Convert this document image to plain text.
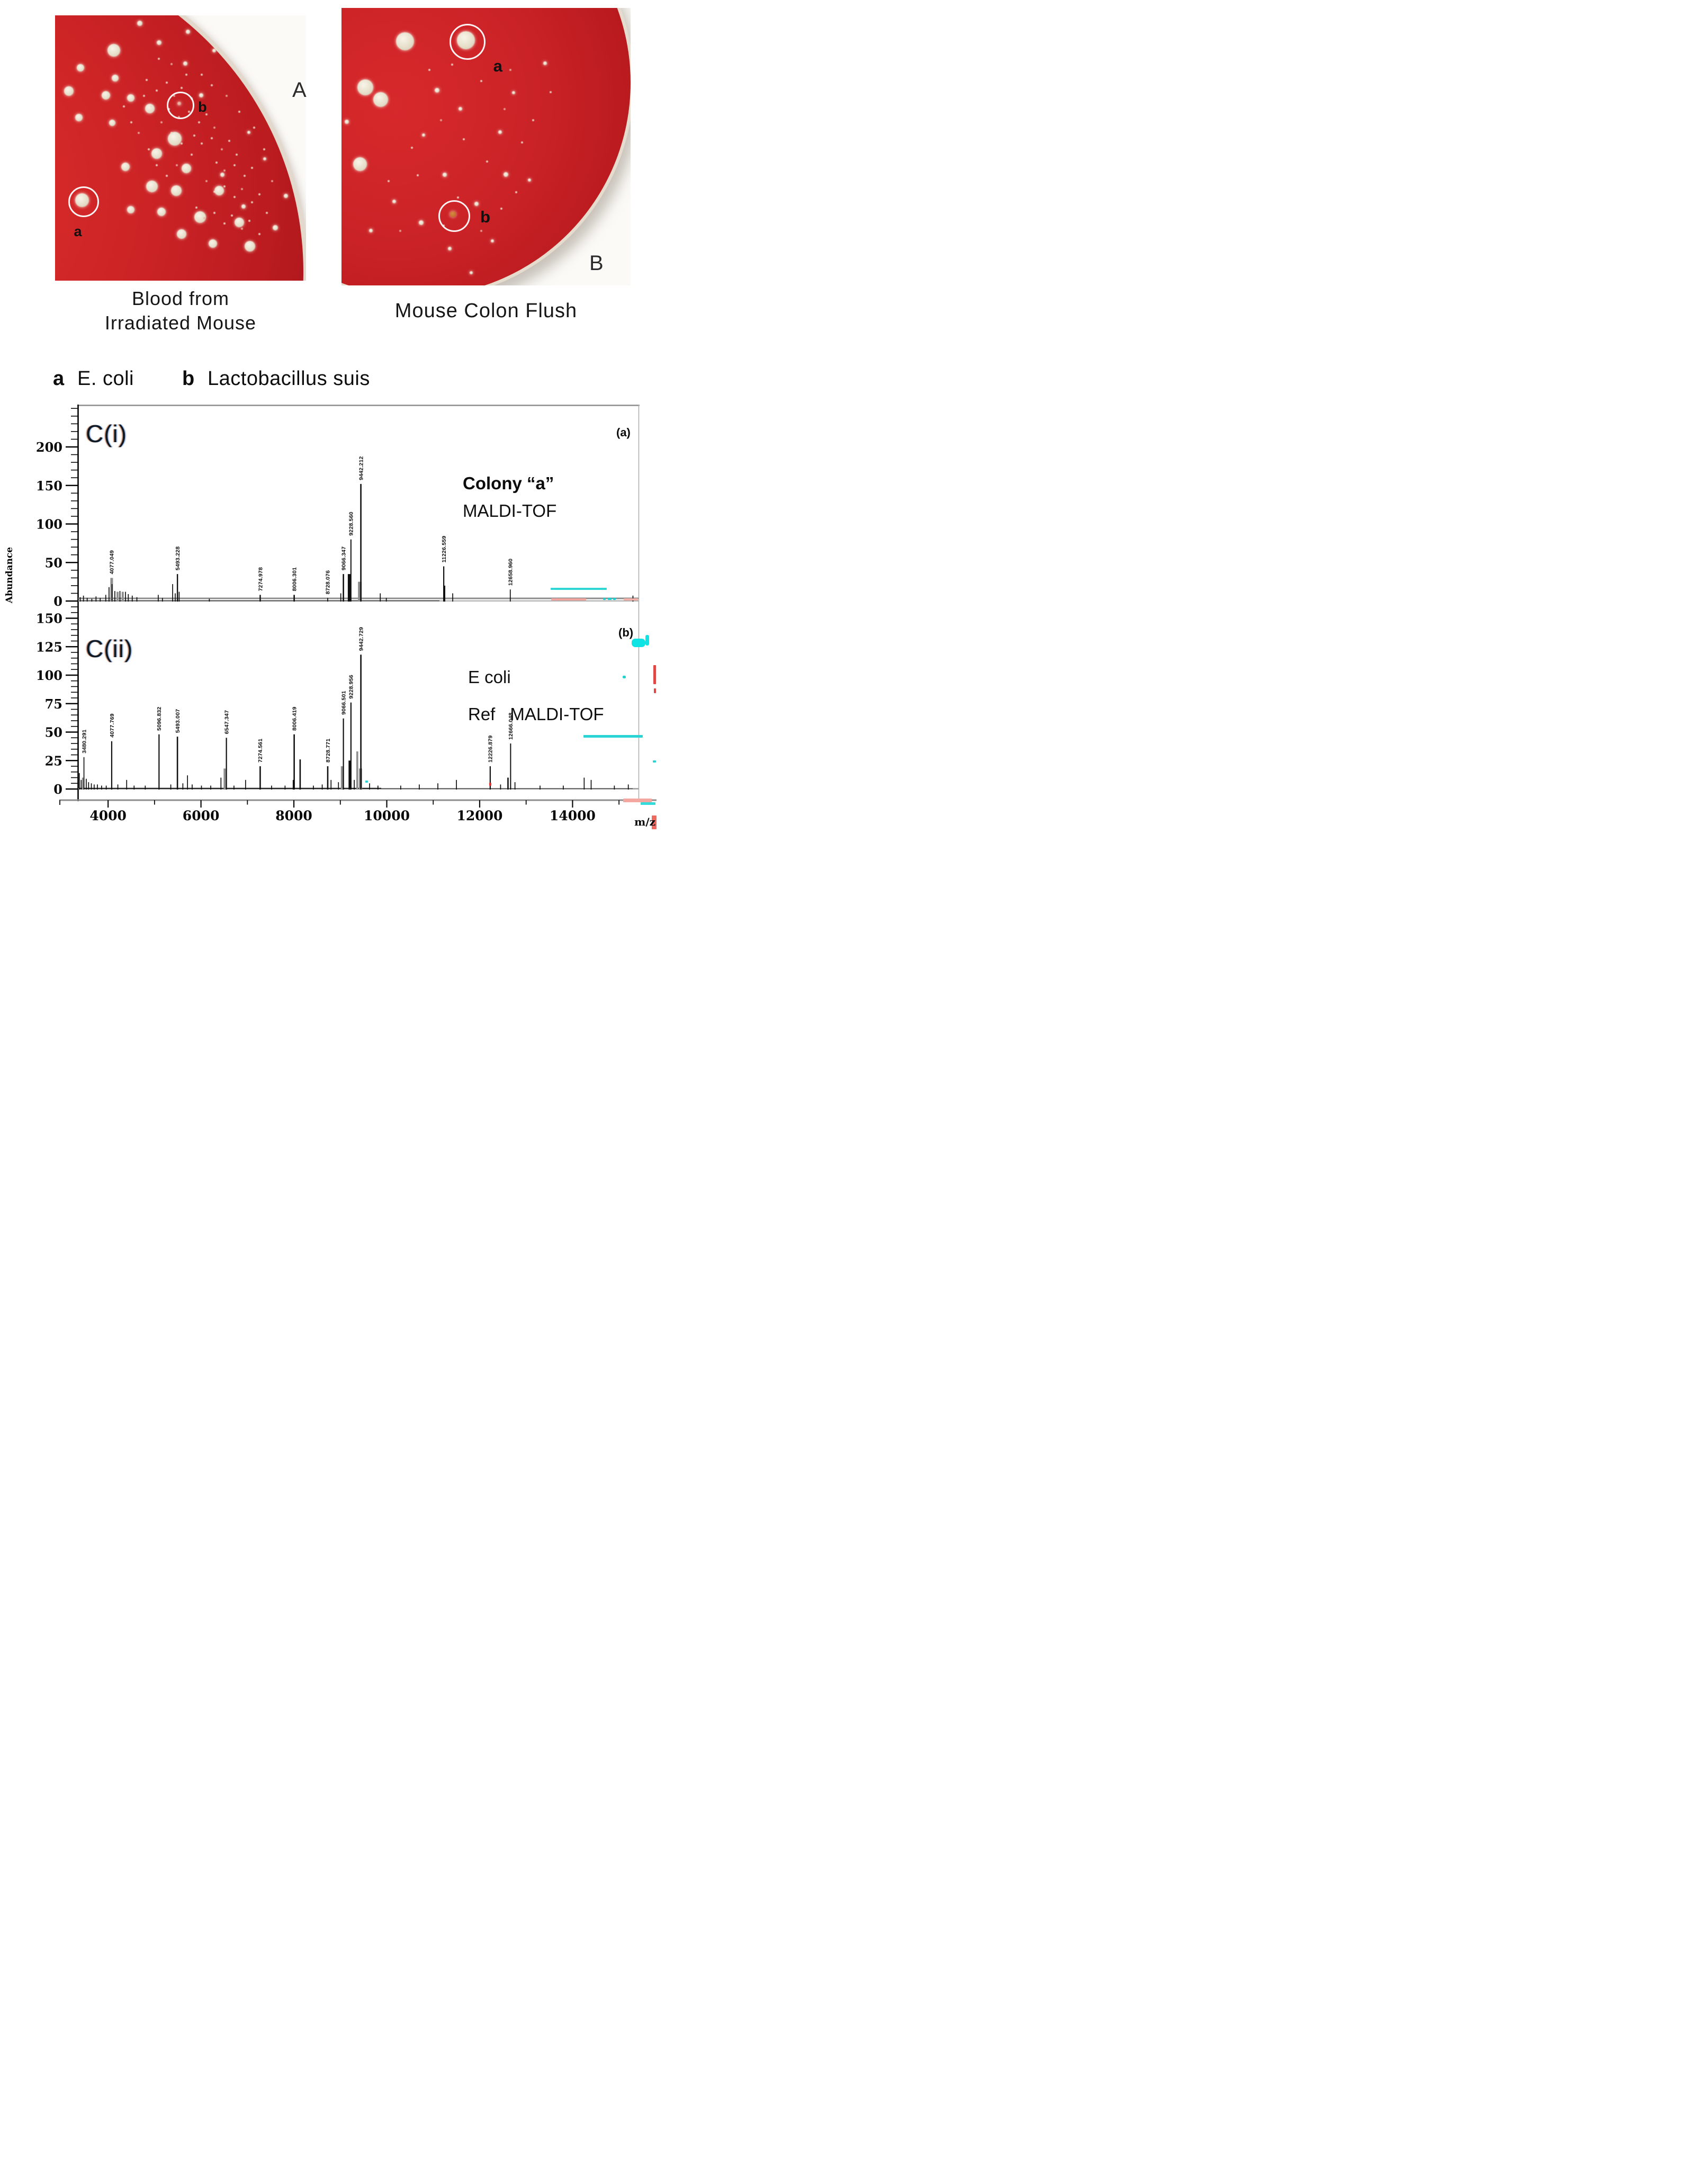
a
b
A
a
b
B
Blood from
Irradiated Mouse
Mouse Colon Flush
a E. coli b Lactobacillus suis
0
50
100
150
200
4077.049	5493.228
7274.978	8006.301	8728.076
9066.347
9228.560
9442.212
11226.559
12658.960
0
25
50
75
100
125
150
3480.291
4077.769	5096.832 5493.007	6547.347
7274.561
8006.419
8728.771
9066.501
9228.956
9442.729
12226.879
12666.048
4000	6000	8000	10000	12000	14000
C(i)
C(ii)
(a)
(b)
Colony “a”
MALDI-TOF
E coli
Ref MALDI-TOF
Abundance
m/z
